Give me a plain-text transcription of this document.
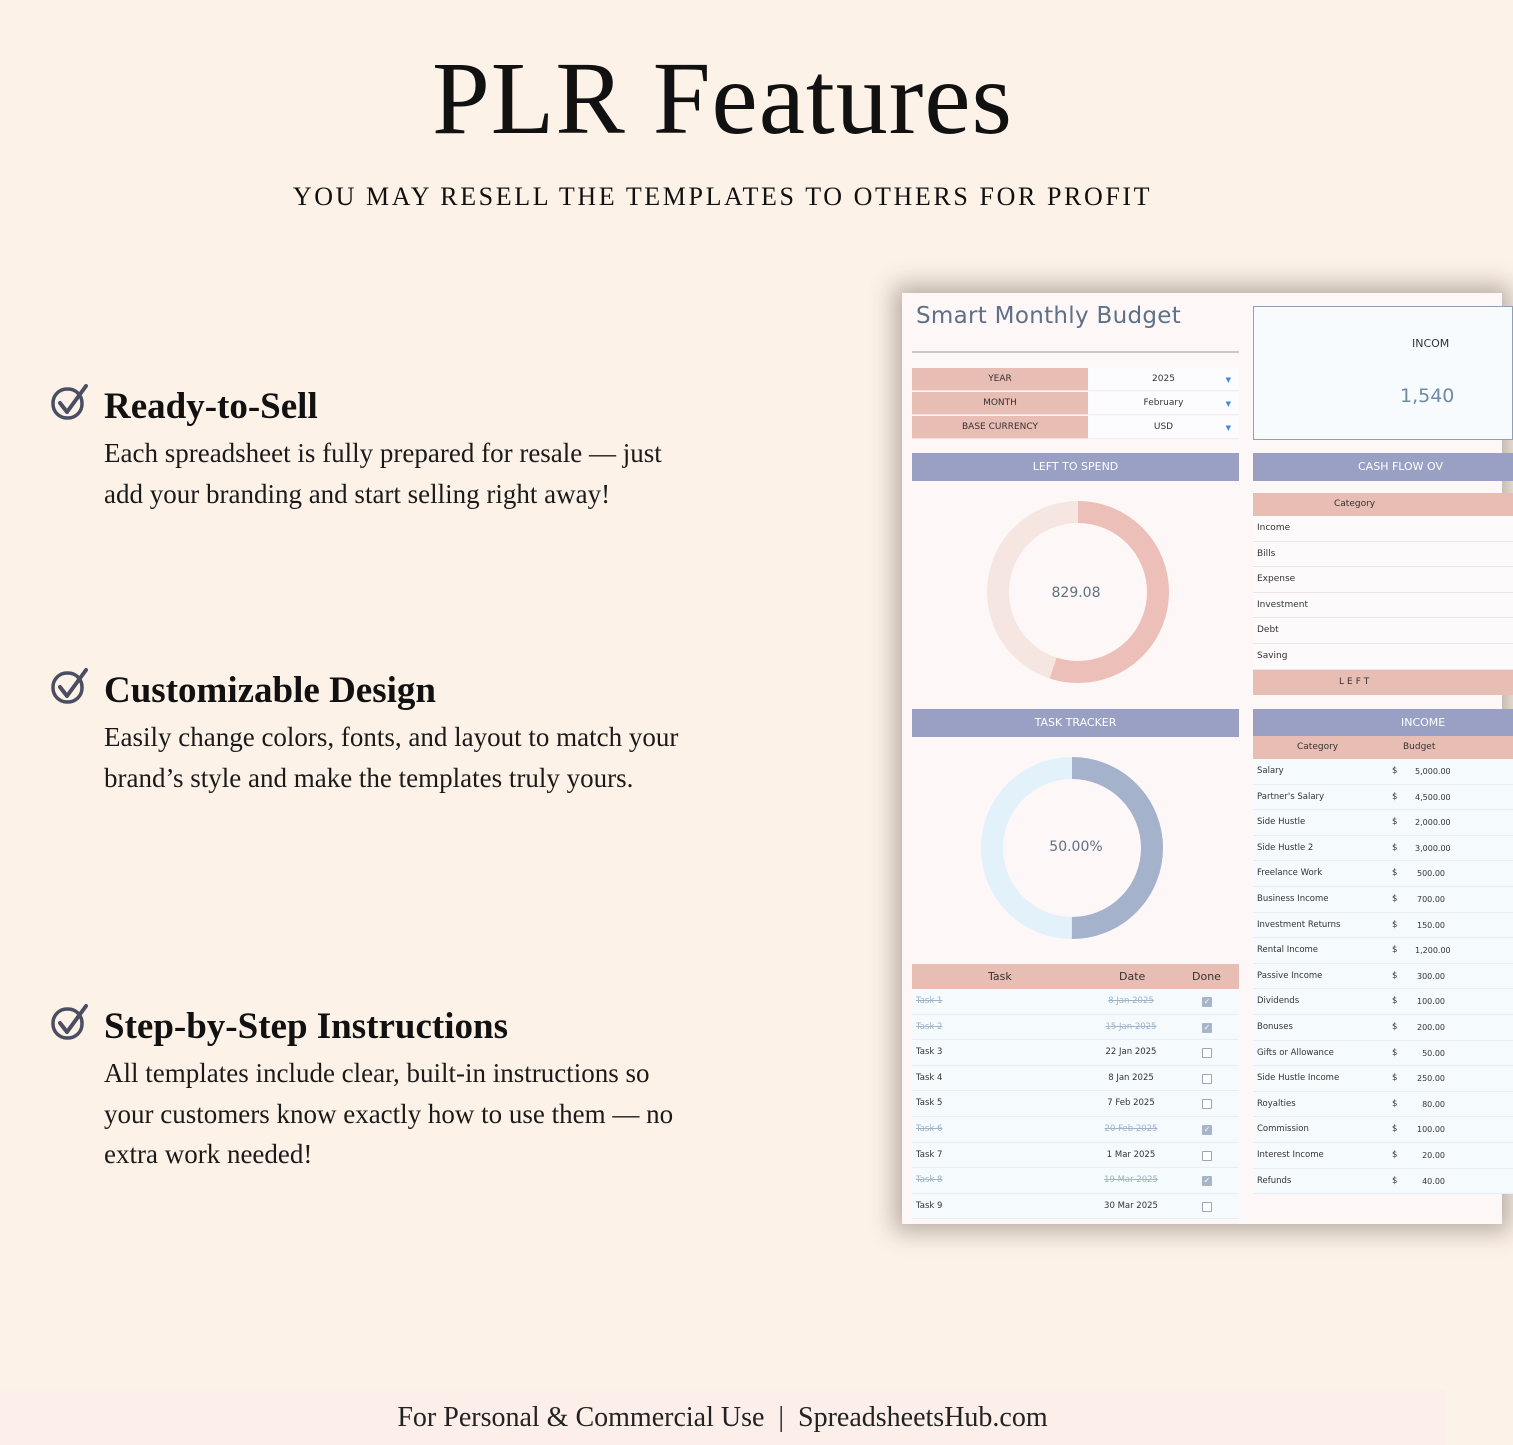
PLR Features
YOU MAY RESELL THE TEMPLATES TO OTHERS FOR PROFIT
Ready-to-Sell

Each spreadsheet is fully prepared for resale — just add your branding and start selling right away!

Customizable Design

Easily change colors, fonts, and layout to match your brand’s style and make the templates truly yours.

Step-by-Step Instructions

All templates include clear, built-in instructions so your customers know exactly how to use them — no extra work needed!

Smart Monthly Budget
YEAR	2025	▼
MONTH	February	▼
BASE CURRENCY	USD	▼
INCOM
1,540
LEFT TO SPEND	CASH FLOW OV
829.08
Category
Income
Bills
Expense
Investment
Debt
Saving
LEFT
TASK TRACKER	INCOME
50.00%
Category	Budget
Salary	$ 5,000.00
Partner's Salary	$ 4,500.00
Side Hustle	$ 2,000.00
Side Hustle 2	$ 3,000.00
Freelance Work	$ 500.00
Business Income	$ 700.00
Investment Returns	$ 150.00
Rental Income	$ 1,200.00
Passive Income	$ 300.00
Dividends	$ 100.00
Bonuses	$ 200.00
Gifts or Allowance	$	50.00
Side Hustle Income	$ 250.00
Royalties	$	80.00
Commission	$ 100.00
Interest Income	$	20.00
Refunds	$	40.00
Task	Date	Done
Task 1	8 Jan 2025	✓
Task 2	15 Jan 2025	✓
Task 3	22 Jan 2025
Task 4	8 Jan 2025
Task 5	7 Feb 2025
Task 6	20 Feb 2025	✓
Task 7	1 Mar 2025
Task 8	19 Mar 2025	✓
Task 9	30 Mar 2025
For Personal & Commercial Use  |  SpreadsheetsHub.com
